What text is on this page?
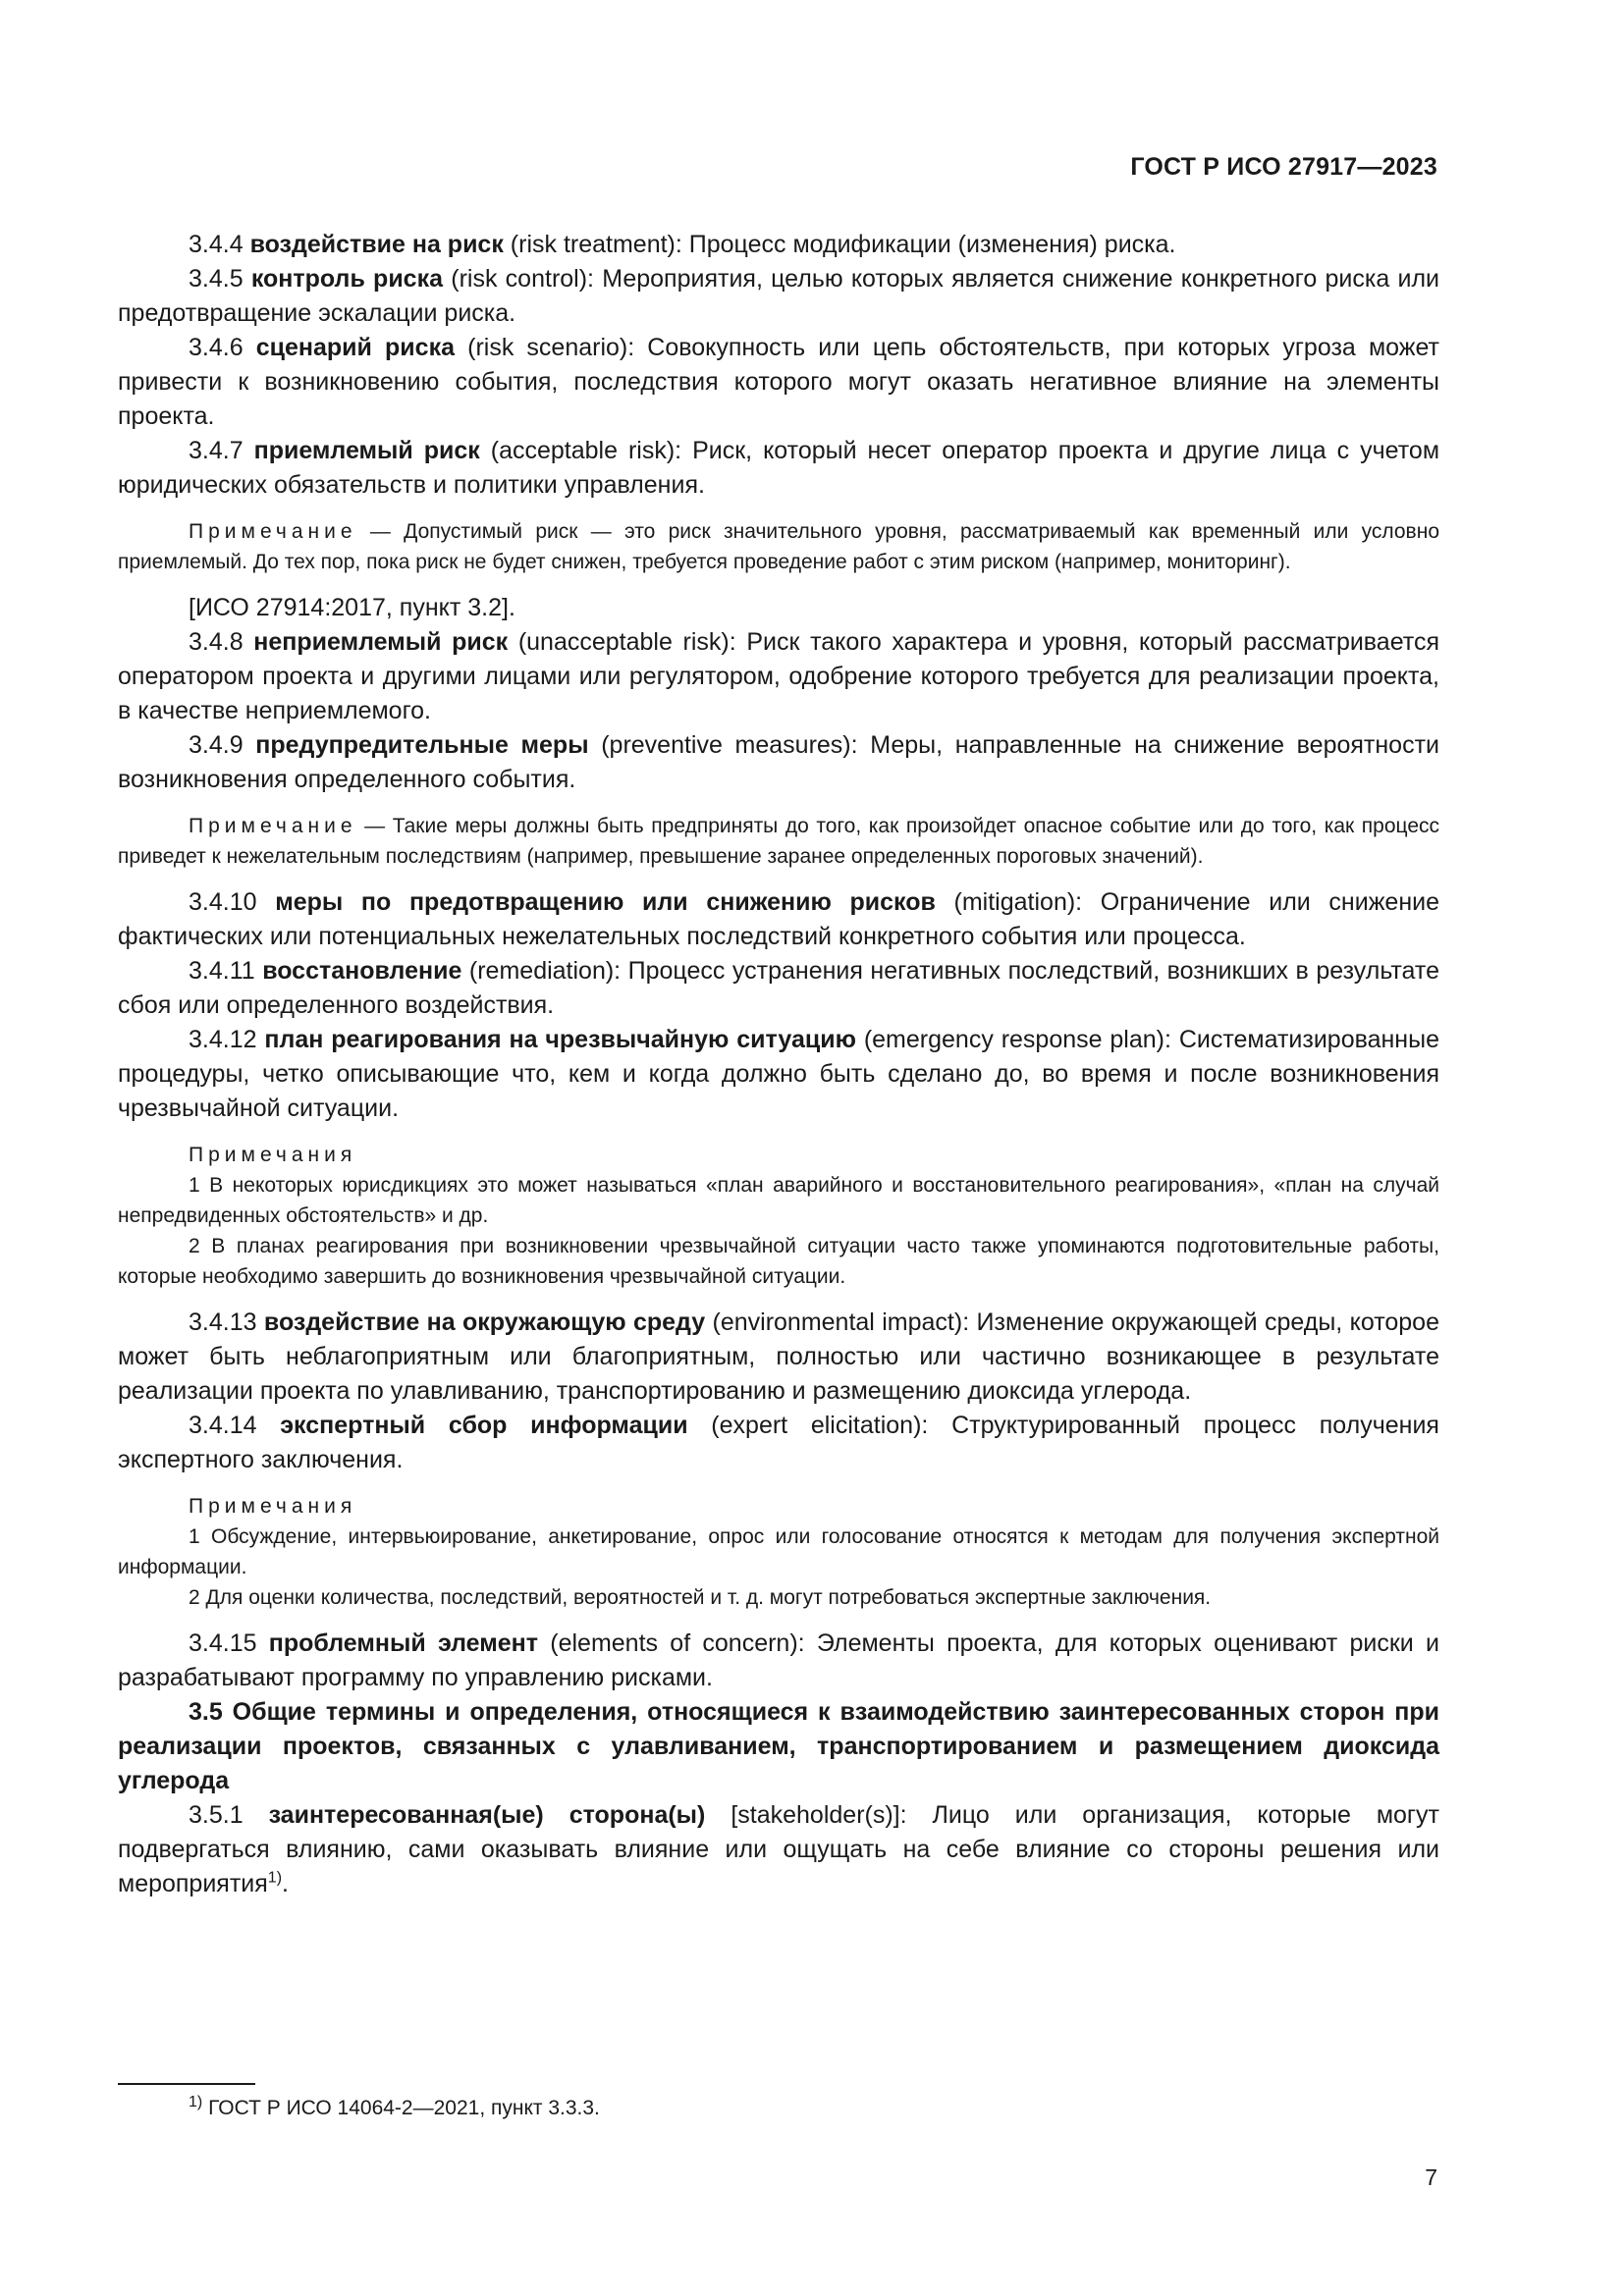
ГОСТ Р ИСО 27917—2023

3.4.4 воздействие на риск (risk treatment): Процесс модификации (изменения) риска.

3.4.5 контроль риска (risk control): Мероприятия, целью которых является снижение конкретного риска или предотвращение эскалации риска.

3.4.6 сценарий риска (risk scenario): Совокупность или цепь обстоятельств, при которых угроза может привести к возникновению события, последствия которого могут оказать негативное влияние на элементы проекта.

3.4.7 приемлемый риск (acceptable risk): Риск, который несет оператор проекта и другие лица с учетом юридических обязательств и политики управления.

Примечание — Допустимый риск — это риск значительного уровня, рассматриваемый как временный или условно приемлемый. До тех пор, пока риск не будет снижен, требуется проведение работ с этим риском (например, мониторинг).

[ИСО 27914:2017, пункт 3.2].

3.4.8 неприемлемый риск (unacceptable risk): Риск такого характера и уровня, который рассматривается оператором проекта и другими лицами или регулятором, одобрение которого требуется для реализации проекта, в качестве неприемлемого.

3.4.9 предупредительные меры (preventive measures): Меры, направленные на снижение вероятности возникновения определенного события.

Примечание — Такие меры должны быть предприняты до того, как произойдет опасное событие или до того, как процесс приведет к нежелательным последствиям (например, превышение заранее определенных пороговых значений).

3.4.10 меры по предотвращению или снижению рисков (mitigation): Ограничение или снижение фактических или потенциальных нежелательных последствий конкретного события или процесса.

3.4.11 восстановление (remediation): Процесс устранения негативных последствий, возникших в результате сбоя или определенного воздействия.

3.4.12 план реагирования на чрезвычайную ситуацию (emergency response plan): Систематизированные процедуры, четко описывающие что, кем и когда должно быть сделано до, во время и после возникновения чрезвычайной ситуации.

Примечания

1 В некоторых юрисдикциях это может называться «план аварийного и восстановительного реагирования», «план на случай непредвиденных обстоятельств» и др.

2 В планах реагирования при возникновении чрезвычайной ситуации часто также упоминаются подготовительные работы, которые необходимо завершить до возникновения чрезвычайной ситуации.

3.4.13 воздействие на окружающую среду (environmental impact): Изменение окружающей среды, которое может быть неблагоприятным или благоприятным, полностью или частично возникающее в результате реализации проекта по улавливанию, транспортированию и размещению диоксида углерода.

3.4.14 экспертный сбор информации (expert elicitation): Структурированный процесс получения экспертного заключения.

Примечания

1 Обсуждение, интервьюирование, анкетирование, опрос или голосование относятся к методам для получения экспертной информации.

2 Для оценки количества, последствий, вероятностей и т. д. могут потребоваться экспертные заключения.

3.4.15 проблемный элемент (elements of concern): Элементы проекта, для которых оценивают риски и разрабатывают программу по управлению рисками.

3.5 Общие термины и определения, относящиеся к взаимодействию заинтересованных сторон при реализации проектов, связанных с улавливанием, транспортированием и размещением диоксида углерода

3.5.1 заинтересованная(ые) сторона(ы) [stakeholder(s)]: Лицо или организация, которые могут подвергаться влиянию, сами оказывать влияние или ощущать на себе влияние со стороны решения или мероприятия$^{1)}$.

$^{1)}$ ГОСТ Р ИСО 14064-2—2021, пункт 3.3.3.
7
